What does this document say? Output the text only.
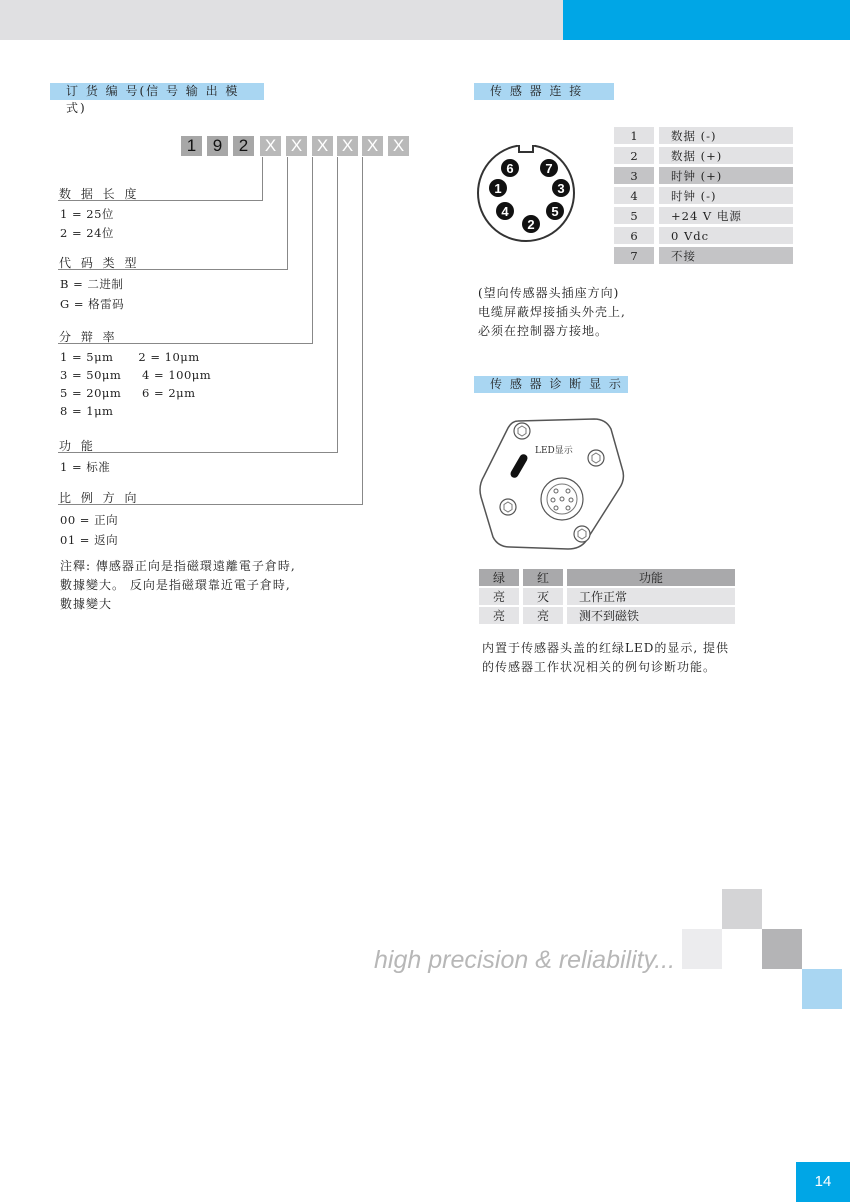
订 货 编 号(信 号 输 出 模 式)
1 9 2 X X X X X X
数 据 长 度
1 = 25位
2 = 24位
代 码 类 型
B = 二进制
G = 格雷码
分 辩 率
1 = 5μm      2 = 10μm
3 = 50μm     4 = 100μm
5 = 20μm     6 = 2μm
8 = 1μm
功 能
1 = 标准
比 例 方 向
00 = 正向
01 = 返向
注釋: 傳感器正向是指磁環遠離電子倉時,
數據變大。 反向是指磁環靠近電子倉時,
數據變大
传 感 器 连 接
6 7
1	3
4
2
5
1		数据 (-)
2		数据 (+)
3		时钟 (+)
4		时钟 (-)
5		+24 V 电源
6		0 Vdc
7		不接
(望向传感器头插座方向)
电缆屏蔽焊接插头外壳上,
必须在控制器方接地。
传 感 器 诊 断 显 示
LED显示
绿	红	功能
亮	灭	工作正常
亮	亮	测不到磁铁
内置于传感器头盖的红绿LED的显示, 提供
的传感器工作状况相关的例句诊断功能。
high precision & reliability...
14
